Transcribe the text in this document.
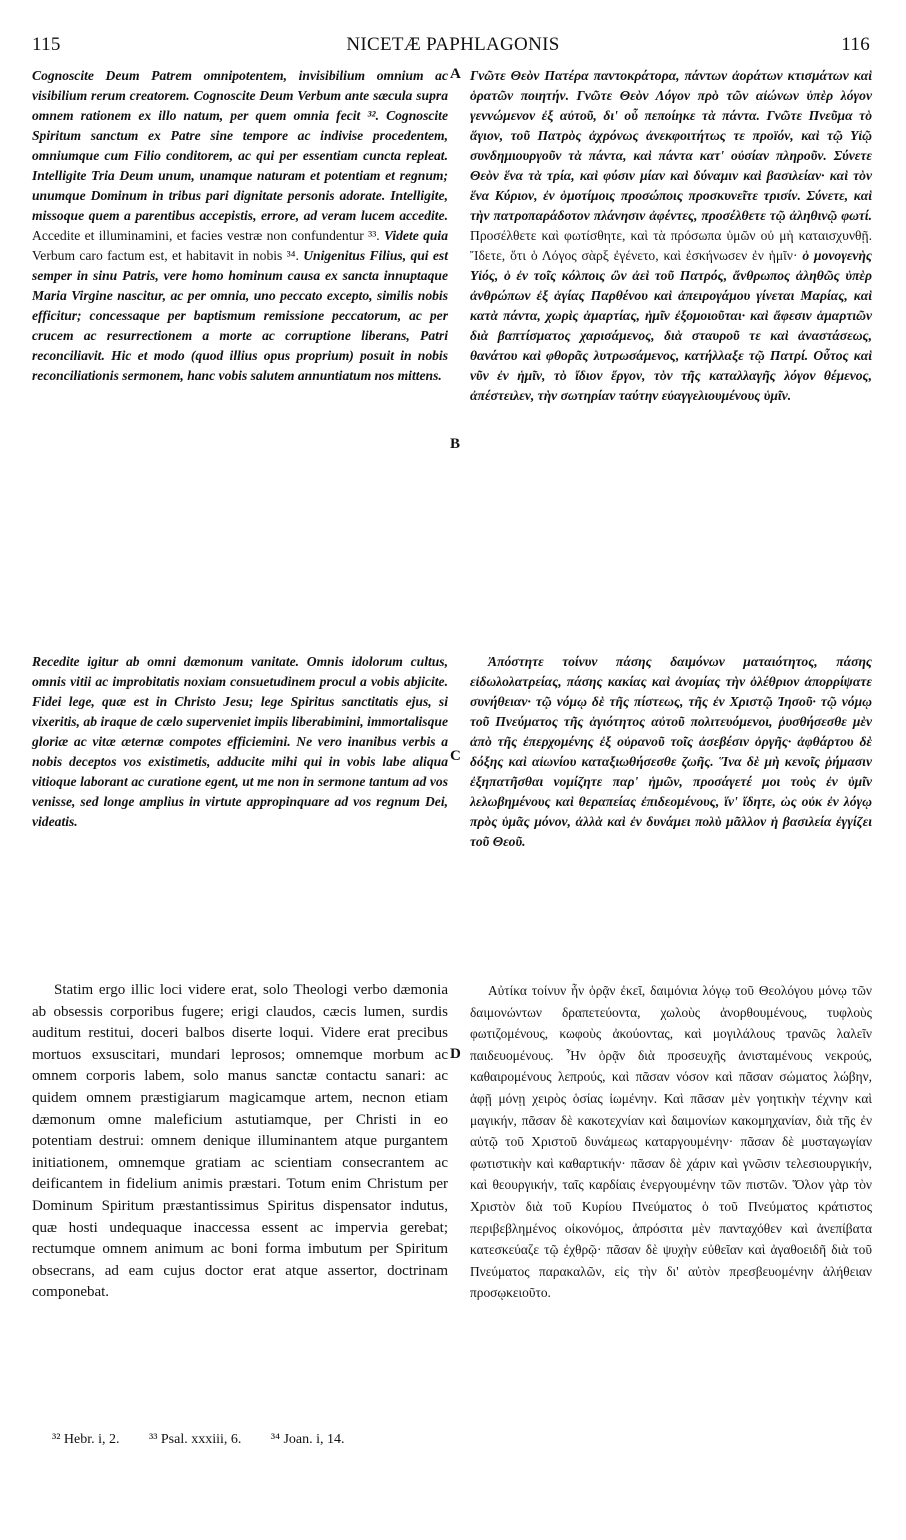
115	NICETÆ PAPHLAGONIS	116
A
B
C
D

Cognoscite Deum Patrem omnipotentem, invisibilium omnium ac visibilium rerum creatorem. Cognoscite Deum Verbum ante sæcula supra omnem rationem ex illo natum, per quem omnia fecit ³². Cognoscite Spiritum sanctum ex Patre sine tempore ac indivise procedentem, omniumque cum Filio conditorem, ac qui per essentiam cuncta repleat. Intelligite Tria Deum unum, unamque naturam et potentiam et regnum; unumque Dominum in tribus pari dignitate personis adorate. Intelligite, missoque quem a parentibus accepistis, errore, ad veram lucem accedite. Accedite et illuminamini, et facies vestræ non confundentur ³³. Videte quia Verbum caro factum est, et habitavit in nobis ³⁴. Unigenitus Filius, qui est semper in sinu Patris, vere homo hominum causa ex sancta innuptaque Maria Virgine nascitur, ac per omnia, uno peccato excepto, similis nobis efficitur; concessaque per baptismum remissione peccatorum, ac per crucem ac resurrectionem a morte ac corruptione liberans, Patri reconciliavit. Hic et modo (quod illius opus proprium) posuit in nobis reconciliationis sermonem, hanc vobis salutem annuntiatum nos mittens.

Recedite igitur ab omni dæmonum vanitate. Omnis idolorum cultus, omnis vitii ac improbitatis noxiam consuetudinem procul a vobis abjicite. Fidei lege, quæ est in Christo Jesu; lege Spiritus sanctitatis ejus, si vixeritis, ab iraque de cælo superveniet impiis liberabimini, immortalisque gloriæ ac vitæ æternæ compotes efficiemini. Ne vero inanibus verbis a nobis deceptos vos existimetis, adducite mihi qui in vobis labe aliqua vitioque laborant ac curatione egent, ut me non in sermone tantum ad vos venisse, sed longe amplius in virtute appropinquare ad vos regnum Dei, videatis.

Statim ergo illic loci videre erat, solo Theologi verbo dæmonia ab obsessis corporibus fugere; erigi claudos, cæcis lumen, surdis auditum restitui, doceri balbos diserte loqui. Videre erat precibus mortuos exsuscitari, mundari leprosos; omnemque morbum ac omnem corporis labem, solo manus sanctæ contactu sanari: ac quidem omnem præstigiarum magicamque artem, necnon etiam dæmonum omne maleficium astutiamque, per Christi in eo potentiam destrui: omnem denique illuminantem atque purgantem initiationem, omnemque gratiam ac scientiam consecrantem ac deificantem in fidelium animis præstari. Totum enim Christum per Dominum Spiritum præstantissimus Spiritus dispensator indutus, quæ hosti undequaque inaccessa essent ac impervia gerebat; rectumque omnem animum ac boni forma imbutum per Spiritum obsecrans, ad eam cujus doctor erat atque assertor, doctrinam componebat.

Γνῶτε Θεὸν Πατέρα παντοκράτορα, πάντων ἀοράτων κτισμάτων καὶ ὁρατῶν ποιητήν. Γνῶτε Θεὸν Λόγον πρὸ τῶν αἰώνων ὑπὲρ λόγον γεννώμενον ἐξ αὐτοῦ, δι' οὗ πεποίηκε τὰ πάντα. Γνῶτε Πνεῦμα τὸ ἅγιον, τοῦ Πατρὸς ἀχρόνως ἀνεκφοιτήτως τε προϊόν, καὶ τῷ Υἱῷ συνδημιουργοῦν τὰ πάντα, καὶ πάντα κατ' οὐσίαν πληροῦν. Σύνετε Θεὸν ἕνα τὰ τρία, καὶ φύσιν μίαν καὶ δύναμιν καὶ βασιλείαν· καὶ τὸν ἕνα Κύριον, ἐν ὁμοτίμοις προσώποις προσκυνεῖτε τρισίν. Σύνετε, καὶ τὴν πατροπαράδοτον πλάνησιν ἀφέντες, προσέλθετε τῷ ἀληθινῷ φωτί. Προσέλθετε καὶ φωτίσθητε, καὶ τὰ πρόσωπα ὑμῶν οὐ μὴ καταισχυνθῇ. Ἴδετε, ὅτι ὁ Λόγος σὰρξ ἐγένετο, καὶ ἐσκήνωσεν ἐν ἡμῖν· ὁ μονογενὴς Υἱός, ὁ ἐν τοῖς κόλποις ὢν ἀεὶ τοῦ Πατρός, ἄνθρωπος ἀληθῶς ὑπὲρ ἀνθρώπων ἐξ ἁγίας Παρθένου καὶ ἀπειρογάμου γίνεται Μαρίας, καὶ κατὰ πάντα, χωρὶς ἁμαρτίας, ἡμῖν ἐξομοιοῦται· καὶ ἄφεσιν ἁμαρτιῶν διὰ βαπτίσματος χαρισάμενος, διὰ σταυροῦ τε καὶ ἀναστάσεως, θανάτου καὶ φθορᾶς λυτρωσάμενος, κατήλλαξε τῷ Πατρί. Οὗτος καὶ νῦν ἐν ἡμῖν, τὸ ἴδιον ἔργον, τὸν τῆς καταλλαγῆς λόγον θέμενος, ἀπέστειλεν, τὴν σωτηρίαν ταύτην εὐαγγελιουμένους ὑμῖν.

Ἀπόστητε τοίνυν πάσης δαιμόνων ματαιότητος, πάσης εἰδωλολατρείας, πάσης κακίας καὶ ἀνομίας τὴν ὀλέθριον ἀπορρίψατε συνήθειαν· τῷ νόμῳ δὲ τῆς πίστεως, τῆς ἐν Χριστῷ Ἰησοῦ· τῷ νόμῳ τοῦ Πνεύματος τῆς ἁγιότητος αὐτοῦ πολιτευόμενοι, ῥυσθήσεσθε μὲν ἀπὸ τῆς ἐπερχομένης ἐξ οὐρανοῦ τοῖς ἀσεβέσιν ὀργῆς· ἀφθάρτου δὲ δόξης καὶ αἰωνίου καταξιωθήσεσθε ζωῆς. Ἵνα δὲ μὴ κενοῖς ῥήμασιν ἐξηπατῆσθαι νομίζητε παρ' ἡμῶν, προσάγετέ μοι τοὺς ἐν ὑμῖν λελωβημένους καὶ θεραπείας ἐπιδεομένους, ἵν' ἴδητε, ὡς οὐκ ἐν λόγῳ πρὸς ὑμᾶς μόνον, ἀλλὰ καὶ ἐν δυνάμει πολὺ μᾶλλον ἡ βασιλεία ἐγγίζει τοῦ Θεοῦ.

Αὐτίκα τοίνυν ἦν ὁρᾷν ἐκεῖ, δαιμόνια λόγῳ τοῦ Θεολόγου μόνῳ τῶν δαιμονώντων δραπετεύοντα, χωλοὺς ἀνορθουμένους, τυφλοὺς φωτιζομένους, κωφοὺς ἀκούοντας, καὶ μογιλάλους τρανῶς λαλεῖν παιδευομένους. Ἦν ὁρᾷν διὰ προσευχῆς ἀνισταμένους νεκρούς, καθαιρομένους λεπρούς, καὶ πᾶσαν νόσον καὶ πᾶσαν σώματος λώβην, ἀφῇ μόνῃ χειρὸς ὁσίας ἰωμένην. Καὶ πᾶσαν μὲν γοητικὴν τέχνην καὶ μαγικήν, πᾶσαν δὲ κακοτεχνίαν καὶ δαιμονίων κακομηχανίαν, διὰ τῆς ἐν αὐτῷ τοῦ Χριστοῦ δυνάμεως καταργουμένην· πᾶσαν δὲ μυσταγωγίαν φωτιστικὴν καὶ καθαρτικήν· πᾶσαν δὲ χάριν καὶ γνῶσιν τελεσιουργικήν, καὶ θεουργικήν, ταῖς καρδίαις ἐνεργουμένην τῶν πιστῶν. Ὅλον γὰρ τὸν Χριστὸν διὰ τοῦ Κυρίου Πνεύματος ὁ τοῦ Πνεύματος κράτιστος περιβεβλημένος οἰκονόμος, ἀπρόσιτα μὲν πανταχόθεν καὶ ἀνεπίβατα κατεσκεύαζε τῷ ἐχθρῷ· πᾶσαν δὲ ψυχὴν εὐθεῖαν καὶ ἀγαθοειδῆ διὰ τοῦ Πνεύματος παρακαλῶν, εἰς τὴν δι' αὐτὸν πρεσβευομένην ἀλήθειαν προσῳκειοῦτο.

³² Hebr. i, 2. ³³ Psal. xxxiii, 6. ³⁴ Joan. i, 14.
